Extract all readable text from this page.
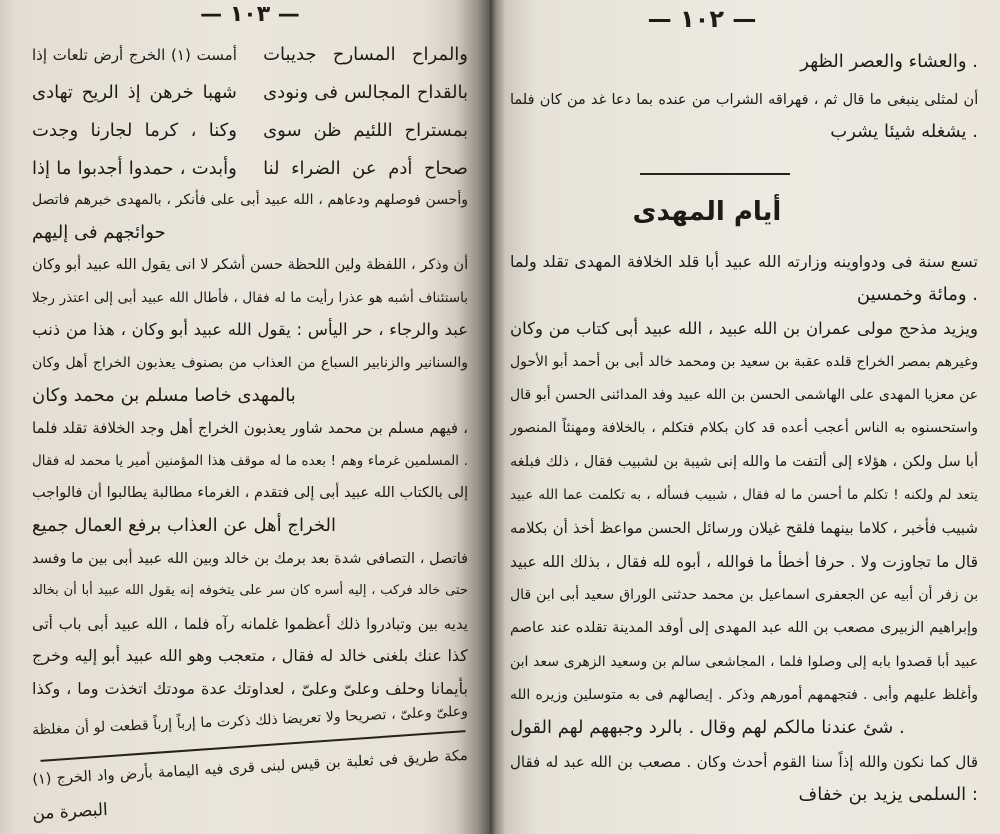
— ١٠٣ —
إذا تلعات أرض الخرج (١) أمست جديبات المسارح والمراح
تهادى الريح إذ خرهن شهبا ونودى فى المجالس بالقداح
وجدت لجارنا كرما ، وكنا سوى ظن اللئيم بمستراح
إذا ما أجدبوا حمدوا ، وأبدت لنا الضراء عن أدم صحاح
فاتصل خبرهم بالمهدى ، فأنكر على أبى عبيد الله ، ودعاهم فوصلهم وأحسن
إليهم فى حوائجهم
وكان أبو عبيد الله يقول انى لا أشكر حسن اللحظة ولين اللفظة ، وذكر أن
رجلا اعتذر إلى أبى عبيد الله فأطال ، فقال له ما رأيت عذرا هو أشبه باستئناف
ذنب من هذا ، وكان أبو عبيد الله يقول : اليأس حر ، والرجاء عبد
وكان أهل الخراج يعذبون بصنوف من العذاب من السباع والزنابير والسنانير
وكان محمد بن مسلم خاصا بالمهدى
فلما تقلد الخلافة وجد أهل الخراج يعذبون شاور محمد بن مسلم فيهم ،
فقال له محمد يا أمير المؤمنين هذا موقف له ما بعده ! وهم غرماء المسلمين .
فالواجب أن يطالبوا مطالبة الغرماء ، فتقدم إلى أبى عبيد الله بالكتاب إلى
جميع العمال برفع العذاب عن أهل الخراج
وفسد ما بين أبى عبيد الله وبين خالد بن برمك بعد شدة التصافى ، فاتصل
بخالد أن أبا عبيد الله يقول إنه يتخوفه على سر كان أسره إليه ، فركب خالد حتى
أتى باب أبى عبيد الله ، فلما رآه غلمانه أعظموا ذلك وتبادروا بين يديه
وخرج إليه أبو عبيد الله وهو متعجب ، فقال له خالد بلغنى عنك كذا
وكذا ، وما اتخذت مودتك عدة لعداوتك ، وعلىّ وعلىّ وحلف بأيمانا
مغلظة أن لو قطعت إرباً إرباً ما ذكرت ذلك تعريضا ولا تصريحا ، وعلىّ وعلىّ
(١) الخرج واد بأرض اليمامة فيه قرى لبنى قيس بن ثعلبة فى طريق مكة
من البصرة
— ١٠٢ —
الظهر والعصر والعشاء .
فلما كان من غد دعا بما عنده من الشراب فهراقه ، ثم قال ما ينبغى لمثلى أن
يشرب شيئا يشغله .
أيام المهدى
ولما تقلد المهدى الخلافة قلد أبا عبيد الله وزارته ودواوينه فى سنة تسع
وخمسين ومائة .
وكان من كتاب أبى عبيد الله ، عبيد الله بن عمران مولى مذحج ويزيد
الأحول أبو أحمد بن أبى خالد ومحمد بن سعيد بن عقبة قلده الخراج بمصر وغيرهم
قال أبو الحسن المدائنى وفد عبيد الله بن الحسن الهاشمى على المهدى معزيا عن
المنصور ومهنئاً بالخلافة ، فتكلم بكلام كان قد أعده أعجب الناس به واستحسنوه
فبلغه ذلك ، فقال لشبيب بن شيبة إنى والله ما ألتفت إلى هؤلاء ، ولكن سل أبا
عبيد الله عما تكلمت به ، فسأله شبيب ، فقال له ما أحسن ما تكلم ! ولكنه لم يتعد
بكلامه أن أخذ مواعظ الحسن ورسائل غيلان فلقح بينهما كلاما ، فأخبر شبيب
عبيد الله بذلك ، فقال لله أبوه ، فوالله ما أخطأ حرفا . ولا تجاوزت ما قال
قال ابن أبى سعيد الوراق حدثنى محمد بن اسماعيل الجعفرى عن أبيه أن زفر بن
عاصم عند تقلده المدينة أوفد إلى المهدى عبد الله بن مصعب الزبيرى وإبراهيم
ابن سعد الزهرى وسعيد بن سالم المجاشعى ، فلما وصلوا إلى بابه قصدوا أبا عبيد
الله وزيره متوسلين به فى إيصالهم . وذكر أمورهم فتجهمهم . وأبى عليهم وأغلظ
القول لهم وجبههم بالرد . وقال لهم مالكم عندنا شئ .
فقال له عبد الله بن مصعب . وكان أحدث القوم سنا إذاً والله نكون كما قال
خفاف بن يزيد السلمى :
